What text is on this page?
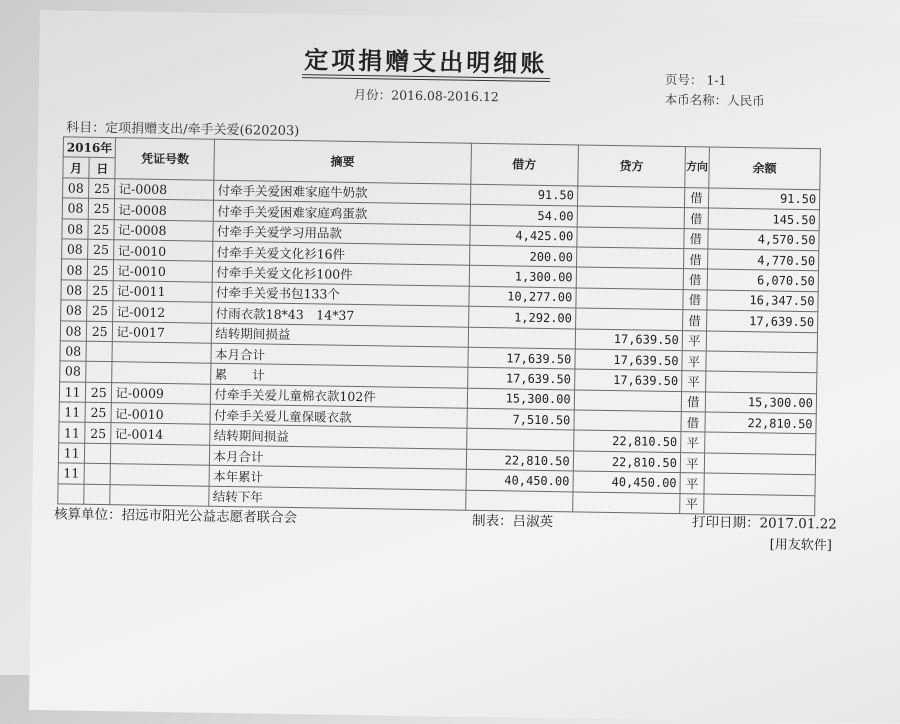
定项捐赠支出明细账
页号： 1-1
月份：2016.08-2016.12	本币名称：人民币
科目：定项捐赠支出/牵手关爱(620203)
2016年		凭证号数	摘要	借方	贷方	方向	余额
月	日						
08	25	记-0008	付牵手关爱困难家庭牛奶款	91.50		借	91.50
08	25	记-0008	付牵手关爱困难家庭鸡蛋款	54.00		借	145.50
08	25	记-0008	付牵手关爱学习用品款	4,425.00		借	4,570.50
08	25	记-0010	付牵手关爱文化衫16件	200.00		借	4,770.50
08	25	记-0010	付牵手关爱文化衫100件	1,300.00		借	6,070.50
08	25	记-0011	付牵手关爱书包133个	10,277.00		借	16,347.50
08	25	记-0012	付雨衣款18*43　14*37	1,292.00		借	17,639.50
08	25	记-0017	结转期间损益		17,639.50	平	
08			本月合计	17,639.50	17,639.50	平	
08			累　　计	17,639.50	17,639.50	平	
11	25	记-0009	付牵手关爱儿童棉衣款102件	15,300.00		借	15,300.00
11	25	记-0010	付牵手关爱儿童保暖衣款	7,510.50		借	22,810.50
11	25	记-0014	结转期间损益		22,810.50	平	
11			本月合计	22,810.50	22,810.50	平	
11			本年累计	40,450.00	40,450.00	平	
			结转下年			平	
核算单位：招远市阳光公益志愿者联合会	制表：吕淑英	打印日期：2017.01.22
[用友软件]
